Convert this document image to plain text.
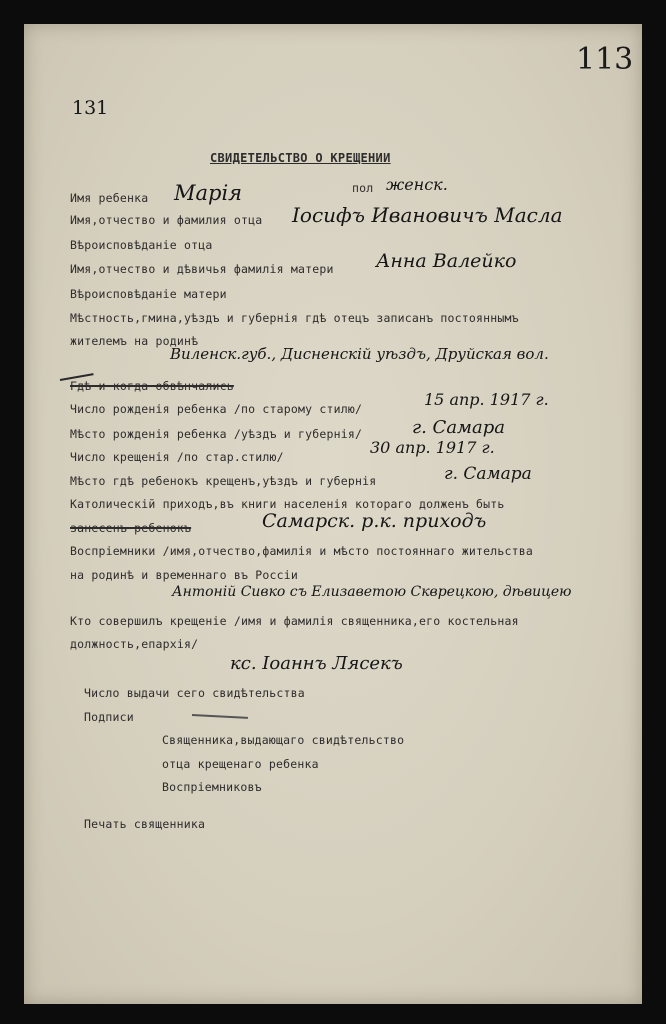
113
131
СВИДЕТЕЛЬСТВО О КРЕЩЕНИИ
Имя ребенка Марія	пол женск.
Имя,отчество и фамилия отца Іосифъ Ивановичъ Масла
Вѣроисповѣданіе отца
Имя,отчество и дѣвичья фамилія матери Анна Валейко
Вѣроисповѣданіе матери
Мѣстность,гмина,уѣздъ и губернія гдѣ отецъ записанъ постояннымъ
жителемъ на родинѣ
Виленск.губ., Дисненскій уѣздъ, Друйская вол.
Гдѣ и когда обвѣнчались
Число рожденія ребенка /по старому стилю/	15 апр. 1917 г.
Мѣсто рожденія ребенка /уѣздъ и губернія/	г. Самара
Число крещенія /по стар.стилю/	30 апр. 1917 г.
Мѣсто гдѣ ребенокъ крещенъ,уѣздъ и губернія	г. Самара
Католическій приходъ,въ книги населенія котораго долженъ быть
занесенъ ребенокъ	Самарск. р.к. приходъ
Воспріемники /имя,отчество,фамилія и мѣсто постояннаго жительства
на родинѣ и временнаго въ Россіи
Антоній Сивко съ Елизаветою Скврецкою, дѣвицею
Кто совершилъ крещеніе /имя и фамилія священника,его костельная
должность,епархія/
кс. Іоаннъ Лясекъ
Число выдачи сего свидѣтельства
Подписи
Священника,выдающаго свидѣтельство
отца крещенаго ребенка
Воспріемниковъ
Печать священника
